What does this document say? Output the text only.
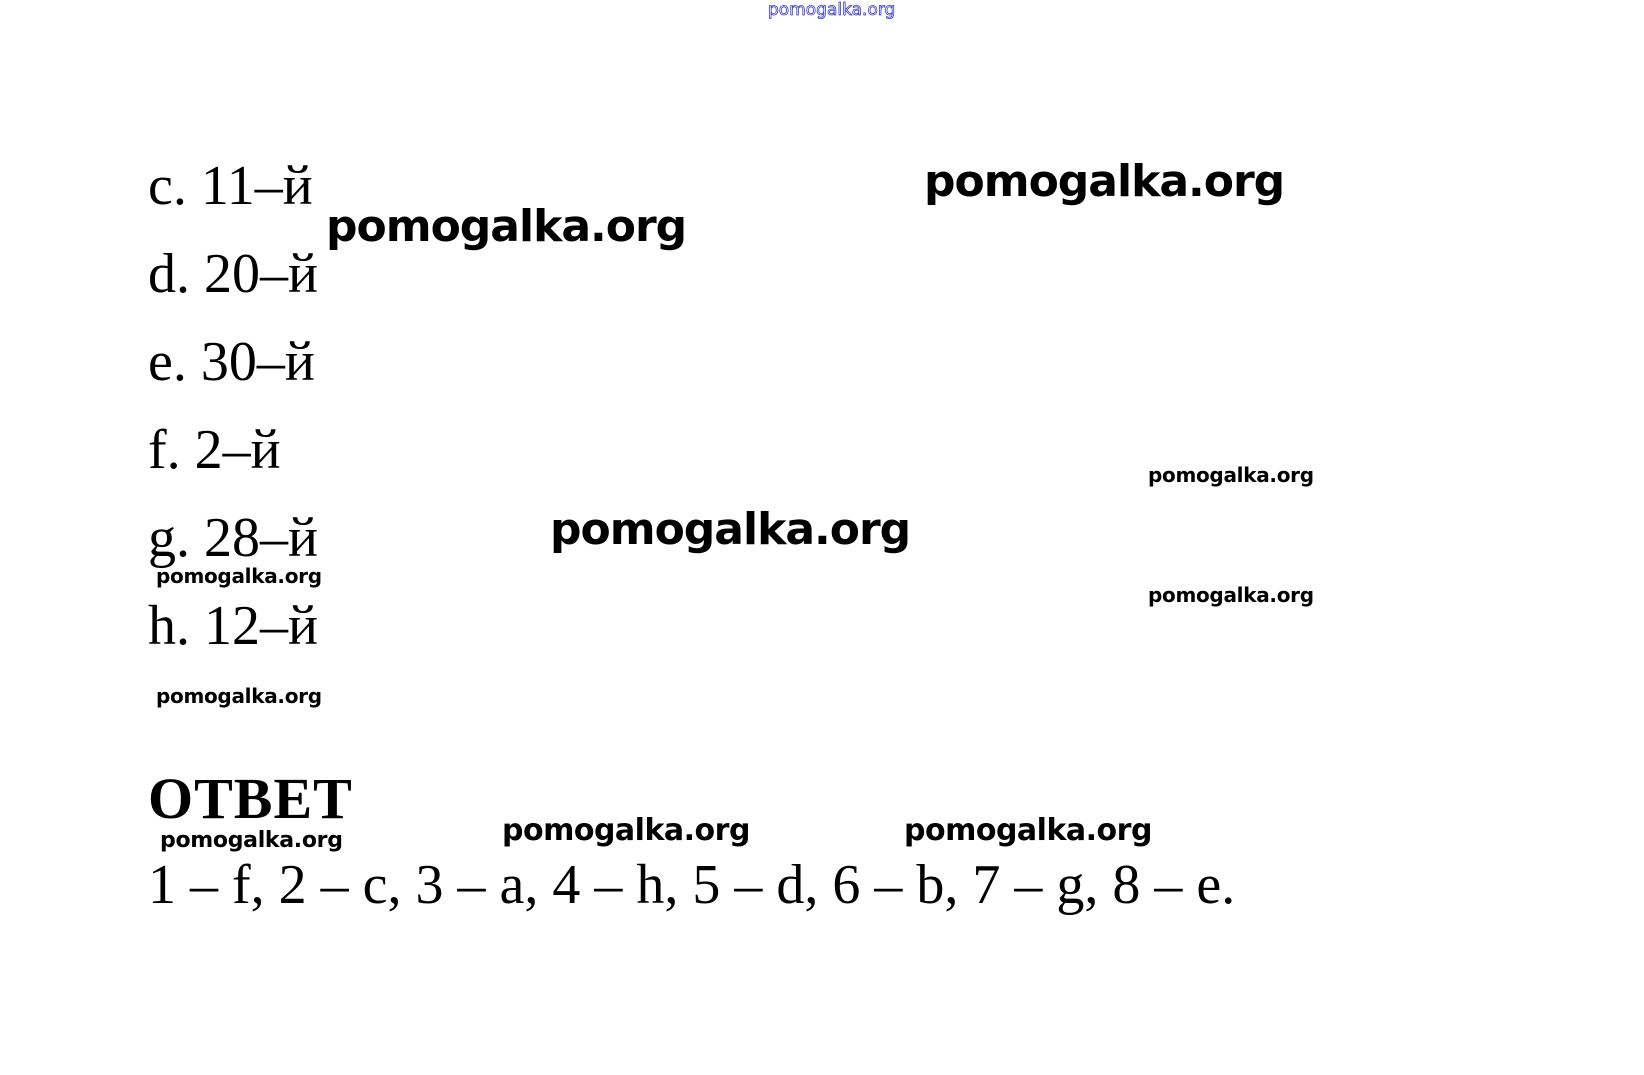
pomogalka.org
c. 11–й
d. 20–й
e. 30–й
f. 2–й
g. 28–й
h. 12–й
ОТВЕТ
1 – f, 2 – c, 3 – a, 4 – h, 5 – d, 6 – b, 7 – g, 8 – e.
pomogalka.org
pomogalka.org
pomogalka.org
pomogalka.org
pomogalka.org
pomogalka.org
pomogalka.org
pomogalka.org	pomogalka.org
pomogalka.org
